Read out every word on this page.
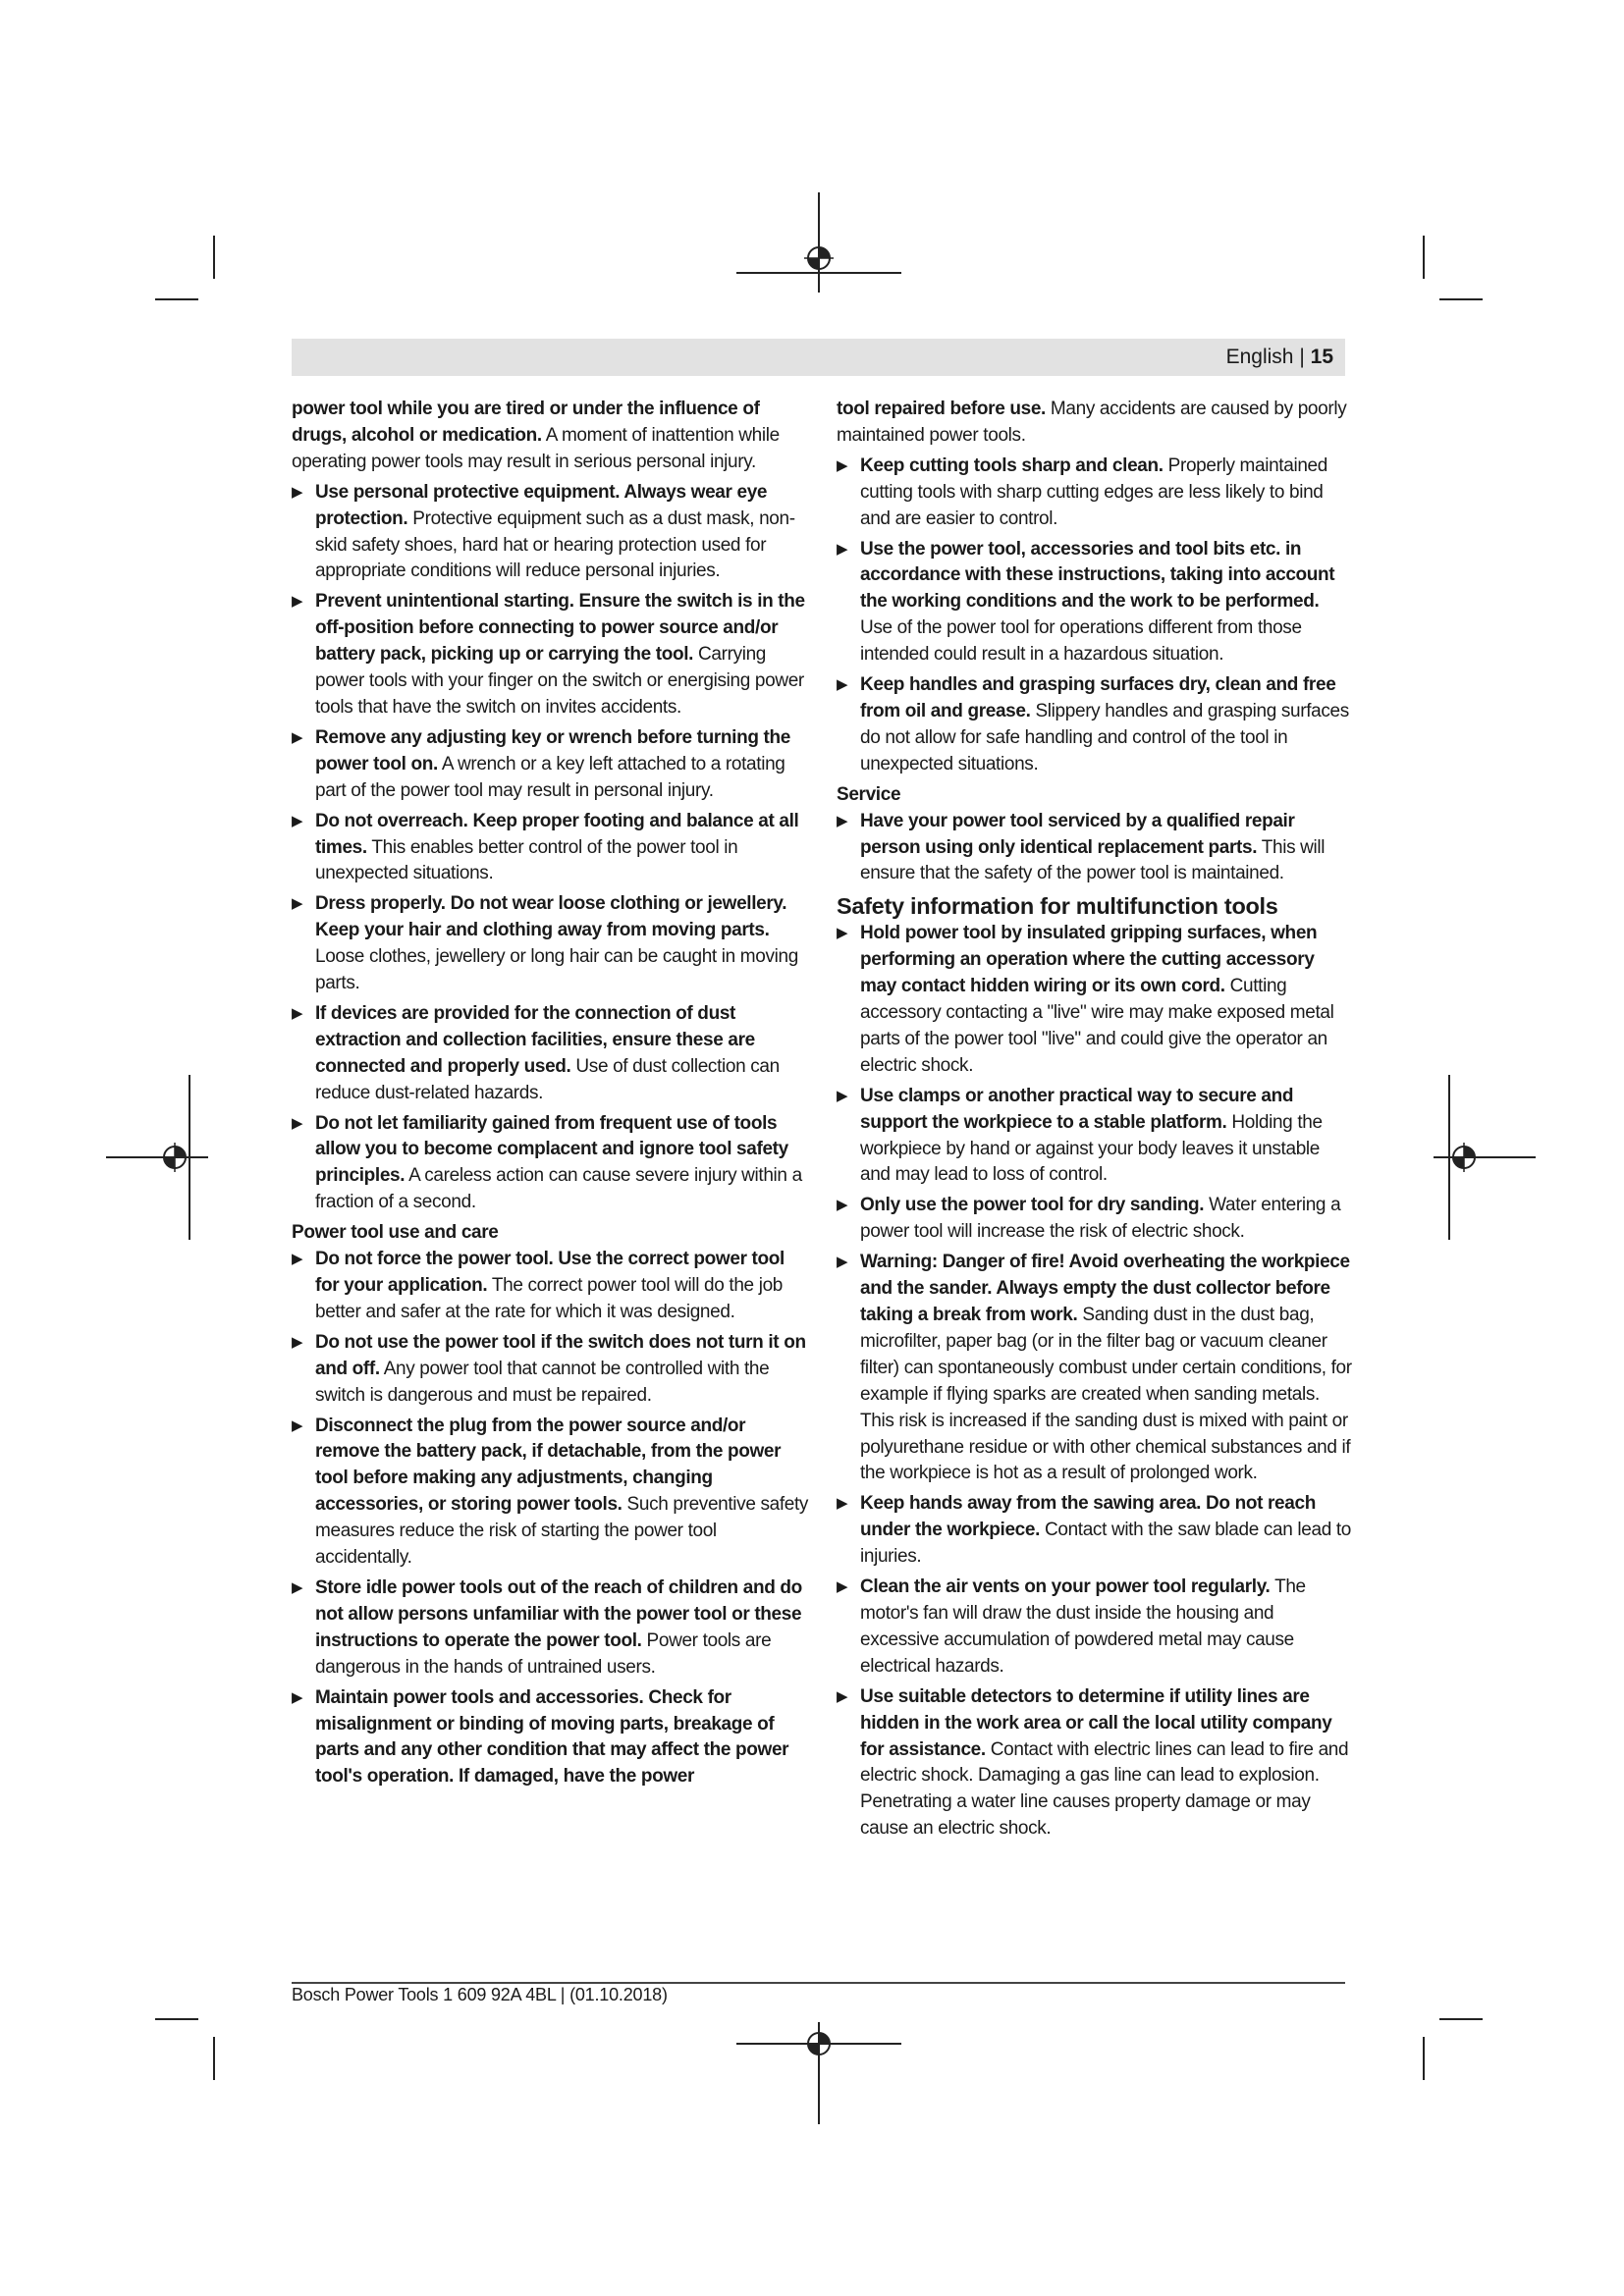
English | 15

power tool while you are tired or under the influence of drugs, alcohol or medication. A moment of inattention while operating power tools may result in serious personal injury.

▶ Use personal protective equipment. Always wear eye protection. Protective equipment such as a dust mask, non-skid safety shoes, hard hat or hearing protection used for appropriate conditions will reduce personal injuries.
▶ Prevent unintentional starting. Ensure the switch is in the off-position before connecting to power source and/or battery pack, picking up or carrying the tool. Carrying power tools with your finger on the switch or energising power tools that have the switch on invites accidents.
▶ Remove any adjusting key or wrench before turning the power tool on. A wrench or a key left attached to a rotating part of the power tool may result in personal injury.
▶ Do not overreach. Keep proper footing and balance at all times. This enables better control of the power tool in unexpected situations.
▶ Dress properly. Do not wear loose clothing or jewellery. Keep your hair and clothing away from moving parts. Loose clothes, jewellery or long hair can be caught in moving parts.
▶ If devices are provided for the connection of dust extraction and collection facilities, ensure these are connected and properly used. Use of dust collection can reduce dust-related hazards.
▶ Do not let familiarity gained from frequent use of tools allow you to become complacent and ignore tool safety principles. A careless action can cause severe injury within a fraction of a second.

Power tool use and care

▶ Do not force the power tool. Use the correct power tool for your application. The correct power tool will do the job better and safer at the rate for which it was designed.
▶ Do not use the power tool if the switch does not turn it on and off. Any power tool that cannot be controlled with the switch is dangerous and must be repaired.
▶ Disconnect the plug from the power source and/or remove the battery pack, if detachable, from the power tool before making any adjustments, changing accessories, or storing power tools. Such preventive safety measures reduce the risk of starting the power tool accidentally.
▶ Store idle power tools out of the reach of children and do not allow persons unfamiliar with the power tool or these instructions to operate the power tool. Power tools are dangerous in the hands of untrained users.
▶ Maintain power tools and accessories. Check for misalignment or binding of moving parts, breakage of parts and any other condition that may affect the power tool's operation. If damaged, have the power

tool repaired before use. Many accidents are caused by poorly maintained power tools.

▶ Keep cutting tools sharp and clean. Properly maintained cutting tools with sharp cutting edges are less likely to bind and are easier to control.
▶ Use the power tool, accessories and tool bits etc. in accordance with these instructions, taking into account the working conditions and the work to be performed. Use of the power tool for operations different from those intended could result in a hazardous situation.
▶ Keep handles and grasping surfaces dry, clean and free from oil and grease. Slippery handles and grasping surfaces do not allow for safe handling and control of the tool in unexpected situations.

Service

▶ Have your power tool serviced by a qualified repair person using only identical replacement parts. This will ensure that the safety of the power tool is maintained.

Safety information for multifunction tools

▶ Hold power tool by insulated gripping surfaces, when performing an operation where the cutting accessory may contact hidden wiring or its own cord. Cutting accessory contacting a "live" wire may make exposed metal parts of the power tool "live" and could give the operator an electric shock.
▶ Use clamps or another practical way to secure and support the workpiece to a stable platform. Holding the workpiece by hand or against your body leaves it unstable and may lead to loss of control.
▶ Only use the power tool for dry sanding. Water entering a power tool will increase the risk of electric shock.
▶ Warning: Danger of fire! Avoid overheating the workpiece and the sander. Always empty the dust collector before taking a break from work. Sanding dust in the dust bag, microfilter, paper bag (or in the filter bag or vacuum cleaner filter) can spontaneously combust under certain conditions, for example if flying sparks are created when sanding metals. This risk is increased if the sanding dust is mixed with paint or polyurethane residue or with other chemical substances and if the workpiece is hot as a result of prolonged work.
▶ Keep hands away from the sawing area. Do not reach under the workpiece. Contact with the saw blade can lead to injuries.
▶ Clean the air vents on your power tool regularly. The motor's fan will draw the dust inside the housing and excessive accumulation of powdered metal may cause electrical hazards.
▶ Use suitable detectors to determine if utility lines are hidden in the work area or call the local utility company for assistance. Contact with electric lines can lead to fire and electric shock. Damaging a gas line can lead to explosion. Penetrating a water line causes property damage or may cause an electric shock.
Bosch Power Tools 1 609 92A 4BL | (01.10.2018)
